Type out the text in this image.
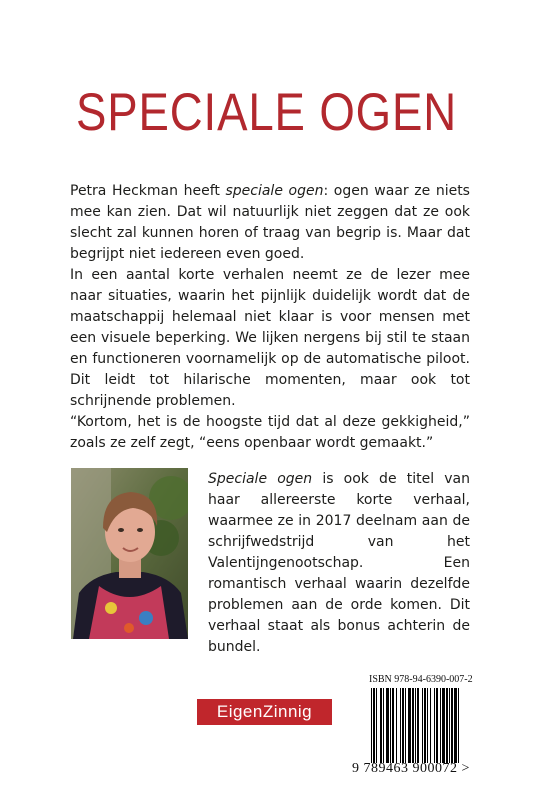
SPECIALE OGEN

Petra Heckman heeft speciale ogen: ogen waar ze niets mee kan zien. Dat wil natuurlijk niet zeggen dat ze ook slecht zal kunnen horen of traag van begrip is. Maar dat begrijpt niet iedereen even goed.

In een aantal korte verhalen neemt ze de lezer mee naar situaties, waarin het pijnlijk duidelijk wordt dat de maatschappij helemaal niet klaar is voor mensen met een visuele beperking. We lijken nergens bij stil te staan en functioneren voornamelijk op de automatische piloot. Dit leidt tot hilarische momenten, maar ook tot schrijnende problemen.

“Kortom, het is de hoogste tijd dat al deze gekkigheid,” zoals ze zelf zegt, “eens openbaar wordt gemaakt.”

Speciale ogen is ook de titel van haar allereerste korte verhaal, waarmee ze in 2017 deelnam aan de schrijfwedstrijd van het Valentijngenootschap. Een romantisch verhaal waarin dezelfde problemen aan de orde komen. Dit verhaal staat als bonus achterin de bundel.
EigenZinnig
ISBN 978-94-6390-007-2
9 789463 900072 >
